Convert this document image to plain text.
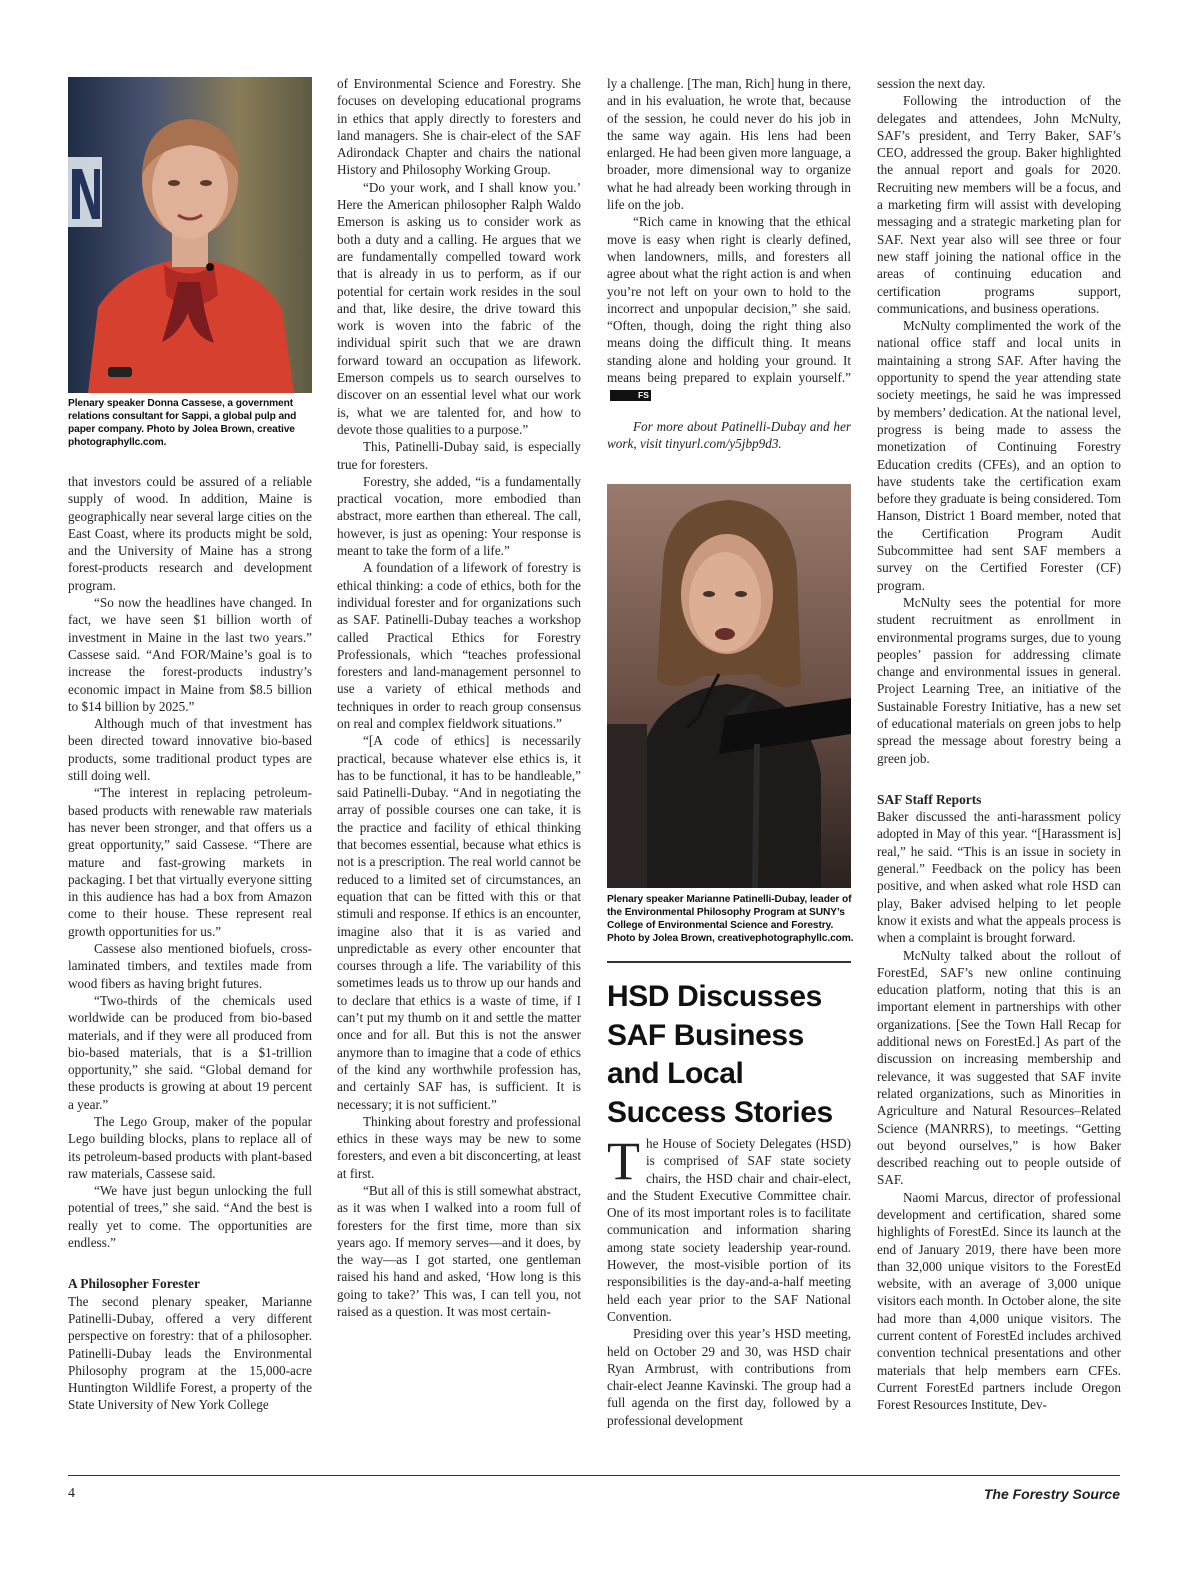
Plenary speaker Donna Cassese, a government relations consultant for Sappi, a global pulp and paper company. Photo by Jolea Brown, creative photographyllc.com.

that investors could be assured of a reliable supply of wood. In addition, Maine is geographically near several large cities on the East Coast, where its products might be sold, and the University of Maine has a strong forest-products research and development program.

“So now the headlines have changed. In fact, we have seen $1 billion worth of investment in Maine in the last two years.” Cassese said. “And FOR/Maine’s goal is to increase the forest-products industry’s economic impact in Maine from $8.5 billion to $14 billion by 2025.”

Although much of that investment has been directed toward innovative bio-based products, some traditional product types are still doing well.

“The interest in replacing petroleum-based products with renewable raw materials has never been stronger, and that offers us a great opportunity,” said Cassese. “There are mature and fast-growing markets in packaging. I bet that virtually everyone sitting in this audience has had a box from Amazon come to their house. These represent real growth opportunities for us.”

Cassese also mentioned biofuels, cross-laminated timbers, and textiles made from wood fibers as having bright futures.

“Two-thirds of the chemicals used worldwide can be produced from bio-based materials, and if they were all produced from bio-based materials, that is a $1-trillion opportunity,” she said. “Global demand for these products is growing at about 19 percent a year.”

The Lego Group, maker of the popular Lego building blocks, plans to replace all of its petroleum-based products with plant-based raw materials, Cassese said.

“We have just begun unlocking the full potential of trees,” she said. “And the best is really yet to come. The opportunities are endless.”

A Philosopher Forester

The second plenary speaker, Marianne Patinelli-Dubay, offered a very different perspective on forestry: that of a philosopher. Patinelli-Dubay leads the Environmental Philosophy program at the 15,000-acre Huntington Wildlife Forest, a property of the State University of New York College

of Environmental Science and Forestry. She focuses on developing educational programs in ethics that apply directly to foresters and land managers. She is chair-elect of the SAF Adirondack Chapter and chairs the national History and Philosophy Working Group.

“Do your work, and I shall know you.’ Here the American philosopher Ralph Waldo Emerson is asking us to consider work as both a duty and a calling. He argues that we are fundamentally compelled toward work that is already in us to perform, as if our potential for certain work resides in the soul and that, like desire, the drive toward this work is woven into the fabric of the individual spirit such that we are drawn forward toward an occupation as lifework. Emerson compels us to search ourselves to discover on an essential level what our work is, what we are talented for, and how to devote those qualities to a purpose.”

This, Patinelli-Dubay said, is especially true for foresters.

Forestry, she added, “is a fundamentally practical vocation, more embodied than abstract, more earthen than ethereal. The call, however, is just as opening: Your response is meant to take the form of a life.”

A foundation of a lifework of forestry is ethical thinking: a code of ethics, both for the individual forester and for organizations such as SAF. Patinelli-Dubay teaches a workshop called Practical Ethics for Forestry Professionals, which “teaches professional foresters and land-management personnel to use a variety of ethical methods and techniques in order to reach group consensus on real and complex fieldwork situations.”

“[A code of ethics] is necessarily practical, because whatever else ethics is, it has to be functional, it has to be handleable,” said Patinelli-Dubay. “And in negotiating the array of possible courses one can take, it is the practice and facility of ethical thinking that becomes essential, because what ethics is not is a prescription. The real world cannot be reduced to a limited set of circumstances, an equation that can be fitted with this or that stimuli and response. If ethics is an encounter, imagine also that it is as varied and unpredictable as every other encounter that courses through a life. The variability of this sometimes leads us to throw up our hands and to declare that ethics is a waste of time, if I can’t put my thumb on it and settle the matter once and for all. But this is not the answer anymore than to imagine that a code of ethics of the kind any worthwhile profession has, and certainly SAF has, is sufficient. It is necessary; it is not sufficient.”

Thinking about forestry and professional ethics in these ways may be new to some foresters, and even a bit disconcerting, at least at first.

“But all of this is still somewhat abstract, as it was when I walked into a room full of foresters for the first time, more than six years ago. If memory serves—and it does, by the way—as I got started, one gentleman raised his hand and asked, ‘How long is this going to take?’ This was, I can tell you, not raised as a question. It was most certain-

ly a challenge. [The man, Rich] hung in there, and in his evaluation, he wrote that, because of the session, he could never do his job in the same way again. His lens had been enlarged. He had been given more language, a broader, more dimensional way to organize what he had already been working through in life on the job.

“Rich came in knowing that the ethical move is easy when right is clearly defined, when landowners, mills, and foresters all agree about what the right action is and when you’re not left on your own to hold to the incorrect and unpopular decision,” she said. “Often, though, doing the right thing also means doing the difficult thing. It means standing alone and holding your ground. It means being prepared to explain yourself.”FS

For more about Patinelli-Dubay and her work, visit tinyurl.com/y5jbp9d3.

Plenary speaker Marianne Patinelli-Dubay, leader of the Environmental Philosophy Program at SUNY’s College of Environmental Science and Forestry. Photo by Jolea Brown, creativephotographyllc.com.
HSD Discusses SAF Business and Local Success Stories

The House of Society Delegates (HSD) is comprised of SAF state society chairs, the HSD chair and chair-elect, and the Student Executive Committee chair. One of its most important roles is to facilitate communication and information sharing among state society leadership year-round. However, the most-visible portion of its responsibilities is the day-and-a-half meeting held each year prior to the SAF National Convention.

Presiding over this year’s HSD meeting, held on October 29 and 30, was HSD chair Ryan Armbrust, with contributions from chair-elect Jeanne Kavinski. The group had a full agenda on the first day, followed by a professional development

session the next day.

Following the introduction of the delegates and attendees, John McNulty, SAF’s president, and Terry Baker, SAF’s CEO, addressed the group. Baker highlighted the annual report and goals for 2020. Recruiting new members will be a focus, and a marketing firm will assist with developing messaging and a strategic marketing plan for SAF. Next year also will see three or four new staff joining the national office in the areas of continuing education and certification programs support, communications, and business operations.

McNulty complimented the work of the national office staff and local units in maintaining a strong SAF. After having the opportunity to spend the year attending state society meetings, he said he was impressed by members’ dedication. At the national level, progress is being made to assess the monetization of Continuing Forestry Education credits (CFEs), and an option to have students take the certification exam before they graduate is being considered. Tom Hanson, District 1 Board member, noted that the Certification Program Audit Subcommittee had sent SAF members a survey on the Certified Forester (CF) program.

McNulty sees the potential for more student recruitment as enrollment in environmental programs surges, due to young peoples’ passion for addressing climate change and environmental issues in general. Project Learning Tree, an initiative of the Sustainable Forestry Initiative, has a new set of educational materials on green jobs to help spread the message about forestry being a green job.

SAF Staff Reports

Baker discussed the anti-harassment policy adopted in May of this year. “[Harassment is] real,” he said. “This is an issue in society in general.” Feedback on the policy has been positive, and when asked what role HSD can play, Baker advised helping to let people know it exists and what the appeals process is when a complaint is brought forward.

McNulty talked about the rollout of ForestEd, SAF’s new online continuing education platform, noting that this is an important element in partnerships with other organizations. [See the Town Hall Recap for additional news on ForestEd.] As part of the discussion on increasing membership and relevance, it was suggested that SAF invite related organizations, such as Minorities in Agriculture and Natural Resources–Related Science (MANRRS), to meetings. “Getting out beyond ourselves,” is how Baker described reaching out to people outside of SAF.

Naomi Marcus, director of professional development and certification, shared some highlights of ForestEd. Since its launch at the end of January 2019, there have been more than 32,000 unique visitors to the ForestEd website, with an average of 3,000 unique visitors each month. In October alone, the site had more than 4,000 unique visitors. The current content of ForestEd includes archived convention technical presentations and other materials that help members earn CFEs. Current ForestEd partners include Oregon Forest Resources Institute, Dev-

4	The Forestry Source
